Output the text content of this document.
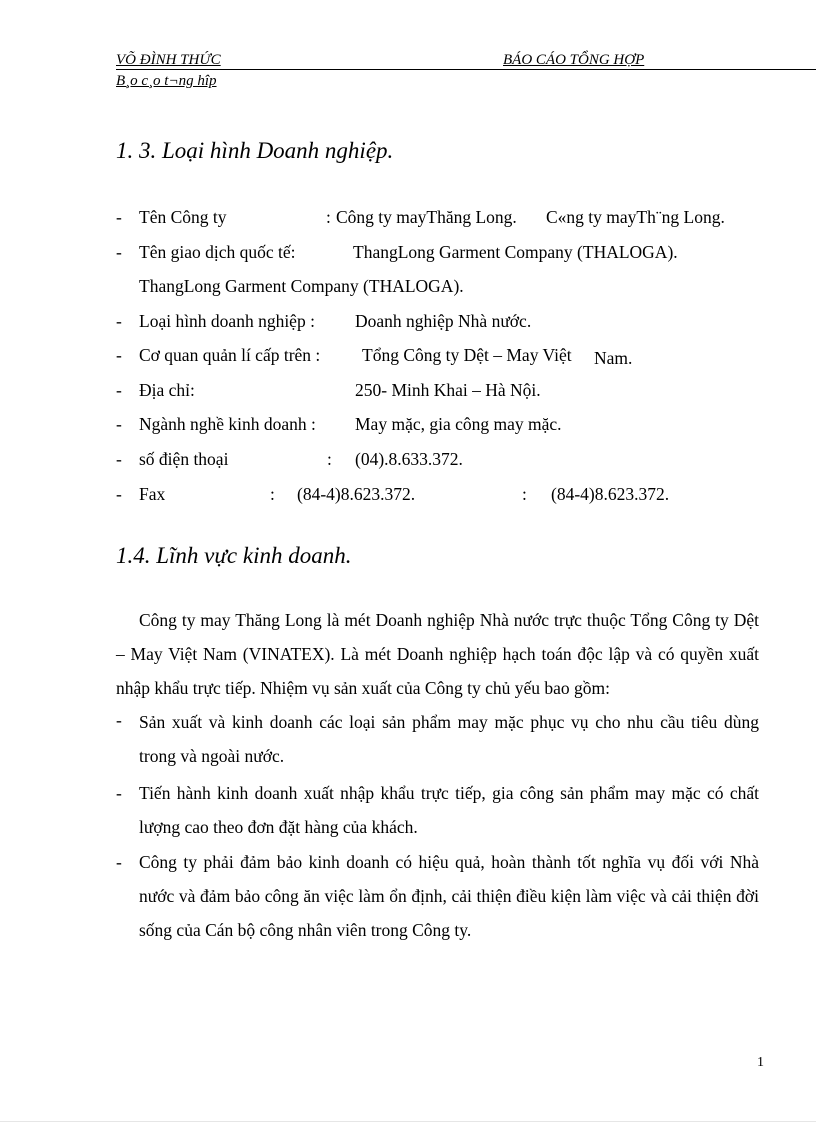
VÕ ĐÌNH THỨC	BÁO CÁO TỔNG HỢP
B¸o c¸o t¬ng hîp
1. 3. Loại hình Doanh nghiệp.
- Tên Công ty	: Công ty mayThăng Long. C«ng ty mayTh¨ng Long.
- Tên giao dịch quốc tế:	ThangLong Garment Company (THALOGA).
ThangLong Garment Company (THALOGA).
- Loại hình doanh nghiệp : Doanh nghiệp Nhà nước.
- Cơ quan quản lí cấp trên : Tổng Công ty Dệt – May Việt Nam.
- Địa chỉ:	250- Minh Khai – Hà Nội.
- Ngành nghề kinh doanh : May mặc, gia công may mặc.
- số điện thoại	: (04).8.633.372.
- Fax	: (84-4)8.623.372.	: (84-4)8.623.372.
1.4. Lĩnh vực kinh doanh.
Công ty may Thăng Long là mét Doanh nghiệp Nhà nước trực thuộc Tổng Công ty Dệt – May Việt Nam (VINATEX). Là mét Doanh nghiệp hạch toán độc lập và có quyền xuất nhập khẩu trực tiếp. Nhiệm vụ sản xuất của Công ty chủ yếu bao gồm:
- Sản xuất và kinh doanh các loại sản phẩm may mặc phục vụ cho nhu cầu tiêu dùng trong và ngoài nước.
- Tiến hành kinh doanh xuất nhập khẩu trực tiếp, gia công sản phẩm may mặc có chất lượng cao theo đơn đặt hàng của khách.
- Công ty phải đảm bảo kinh doanh có hiệu quả, hoàn thành tốt nghĩa vụ đối với Nhà nước và đảm bảo công ăn việc làm ổn định, cải thiện điều kiện làm việc và cải thiện đời sống của Cán bộ công nhân viên trong Công ty.
1
